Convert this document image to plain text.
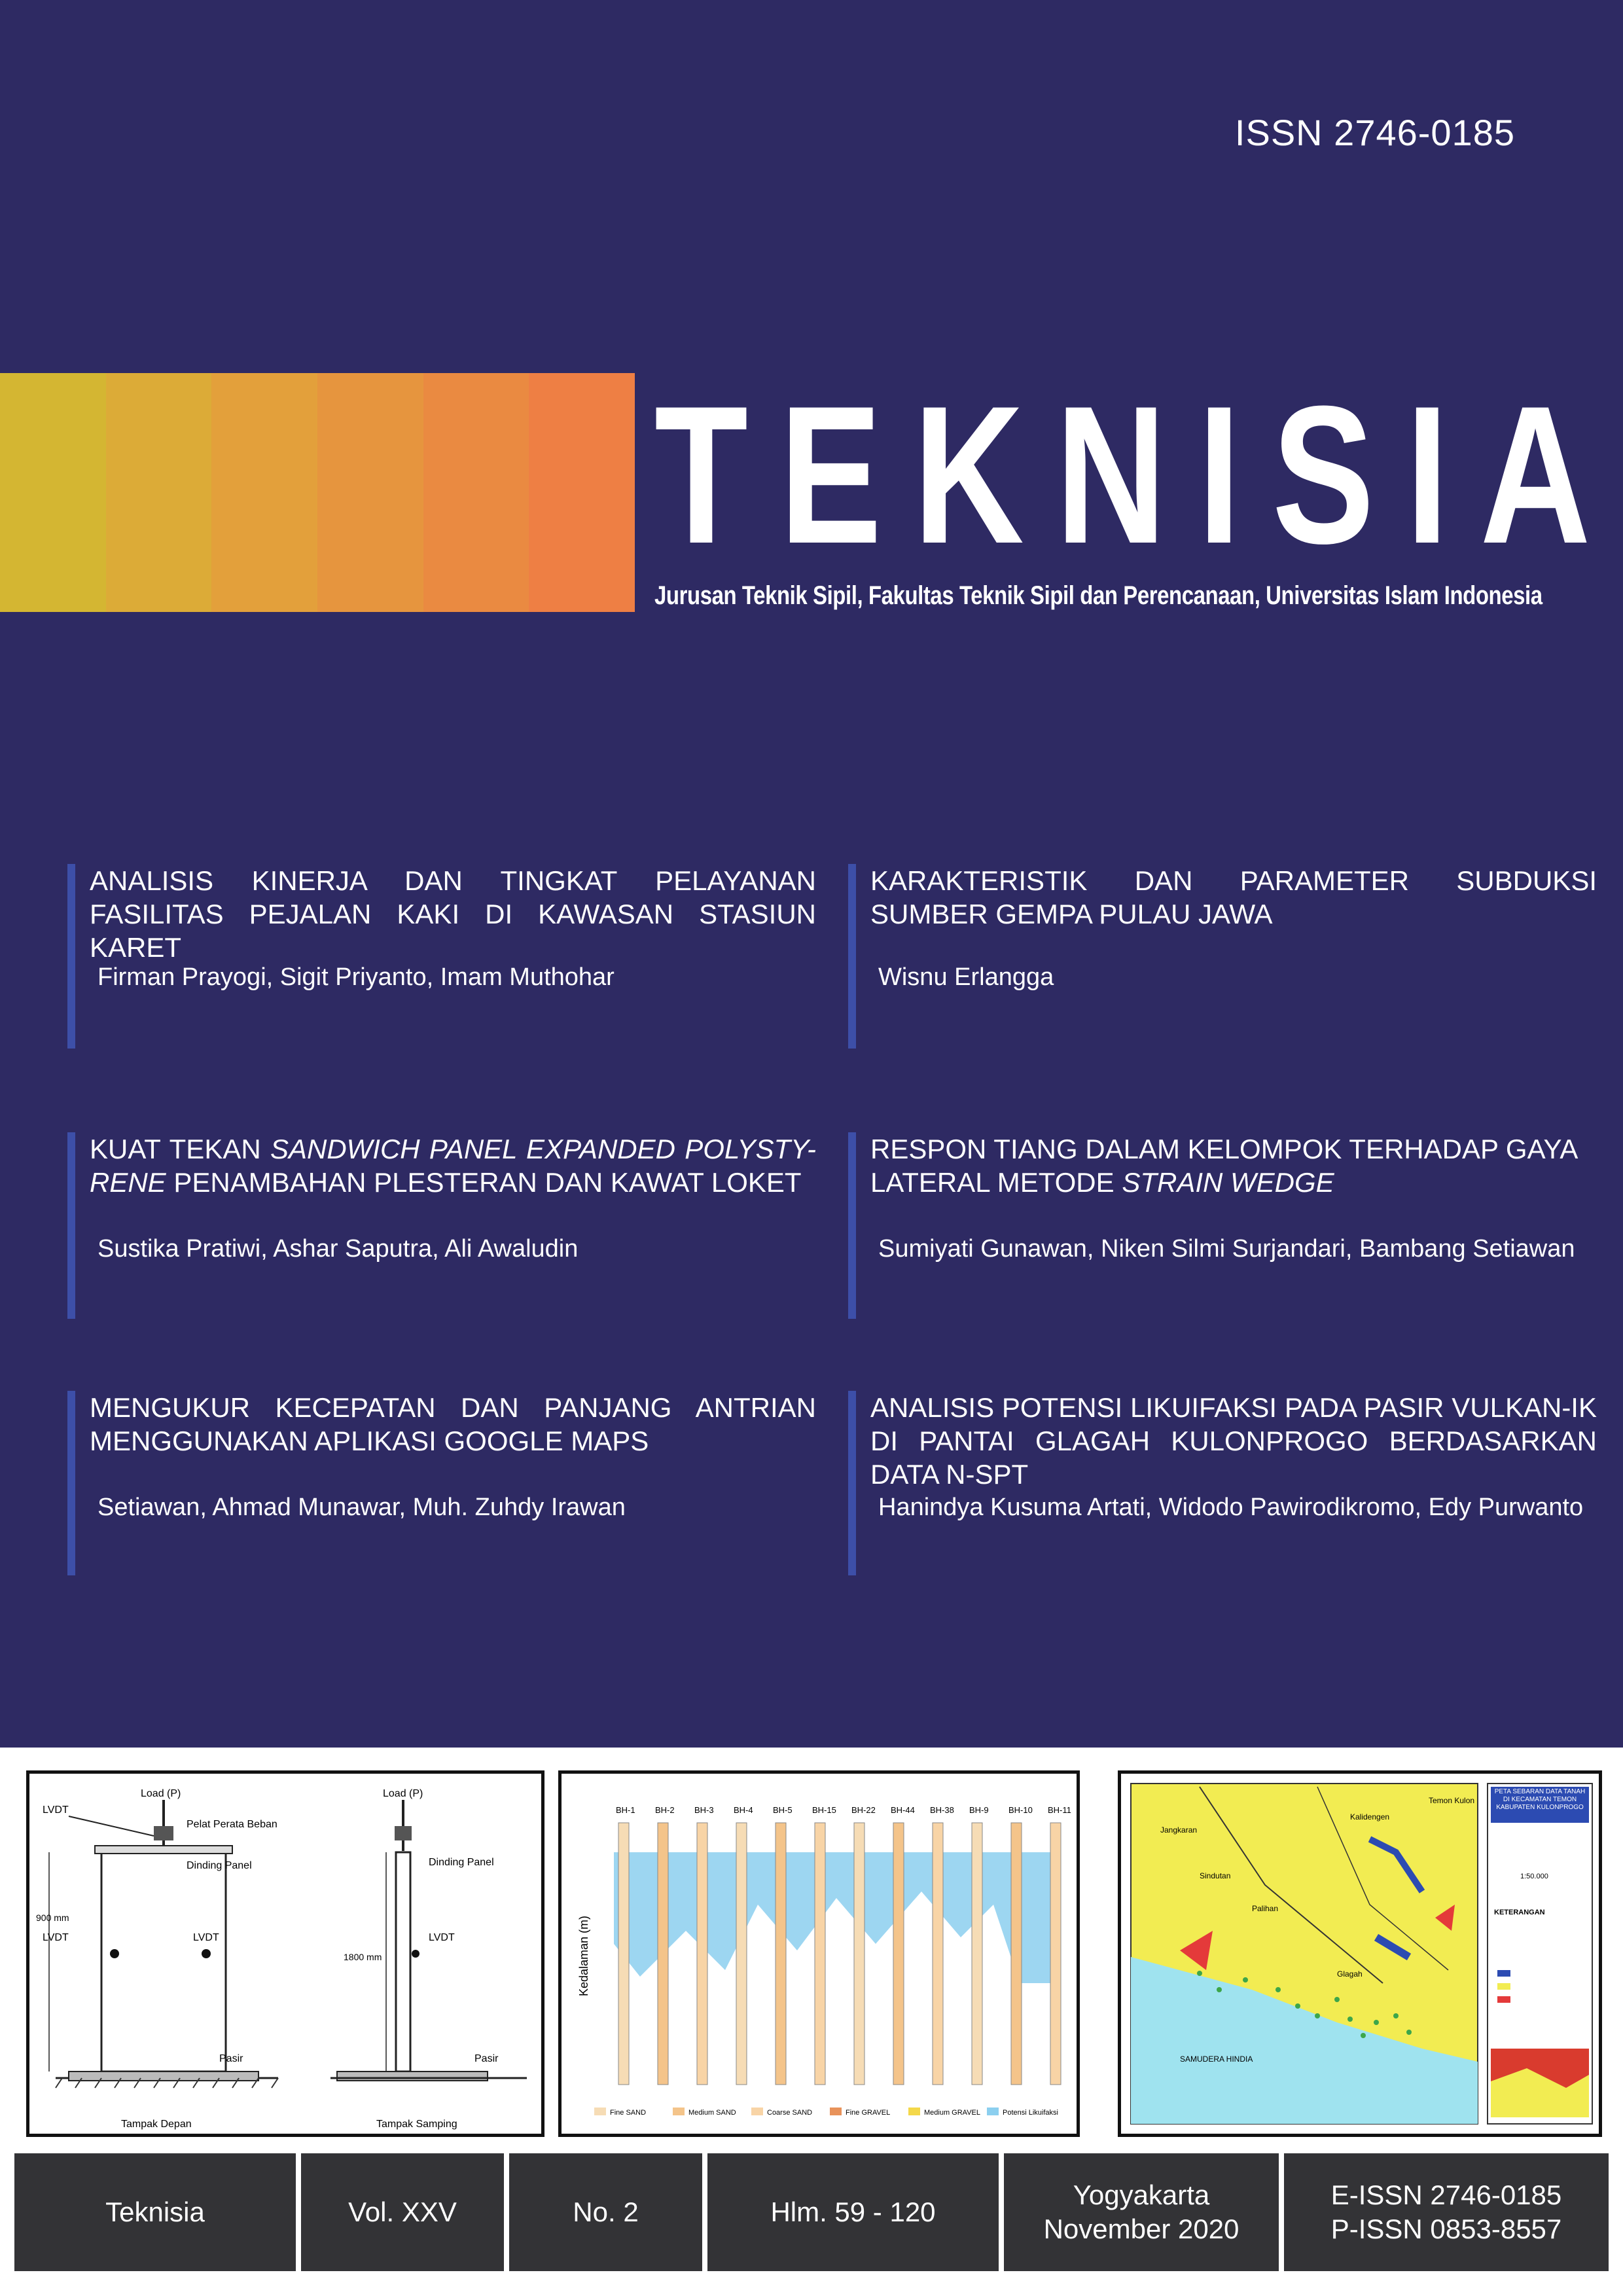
ISSN 2746-0185
TEKNISIA
Jurusan Teknik Sipil, Fakultas Teknik Sipil dan Perencanaan, Universitas Islam Indonesia
ANALISIS KINERJA DAN TINGKAT PELAYANAN FASILITAS PEJALAN KAKI DI KAWASAN STASIUN KARET
Firman Prayogi, Sigit Priyanto, Imam Muthohar
KARAKTERISTIK DAN PARAMETER SUBDUKSI SUMBER GEMPA PULAU JAWA
Wisnu Erlangga
KUAT TEKAN SANDWICH PANEL EXPANDED POLYSTY-RENE PENAMBAHAN PLESTERAN DAN KAWAT LOKET
Sustika Pratiwi, Ashar Saputra, Ali Awaludin
RESPON TIANG DALAM KELOMPOK TERHADAP GAYA LATERAL METODE STRAIN WEDGE
Sumiyati Gunawan, Niken Silmi Surjandari, Bambang Setiawan
MENGUKUR KECEPATAN DAN PANJANG ANTRIAN MENGGUNAKAN APLIKASI GOOGLE MAPS
Setiawan, Ahmad Munawar, Muh. Zuhdy Irawan
ANALISIS POTENSI LIKUIFAKSI PADA PASIR VULKAN-IK DI PANTAI GLAGAH KULONPROGO BERDASARKAN DATA N-SPT
Hanindya Kusuma Artati, Widodo Pawirodikromo, Edy Purwanto
Load (P)
LVDT
Pelat Perata Beban
Dinding Panel
900 mm
LVDT	LVDT
Pasir
Tampak Depan
Load (P)
Dinding Panel
1800 mm
LVDT
Pasir
Tampak Samping
BH-1 BH-2 BH-3 BH-4 BH-5 BH-15 BH-22 BH-44 BH-38 BH-9 BH-10 BH-11
Kedalaman (m)
Fine SAND	Medium SAND	Coarse SAND	Fine GRAVEL	Medium GRAVEL	Potensi Likuifaksi
Jangkaran
Sindutan
Palihan
Kalidengen
Glagah
Temon Kulon
SAMUDERA HINDIA
PETA SEBARAN DATA TANAH DI KECAMATAN TEMON KABUPATEN KULONPROGO
1:50.000
KETERANGAN
Teknisia	Vol. XXV	No. 2	Hlm. 59 - 120
Yogyakarta
November 2020
E-ISSN 2746-0185
P-ISSN 0853-8557
